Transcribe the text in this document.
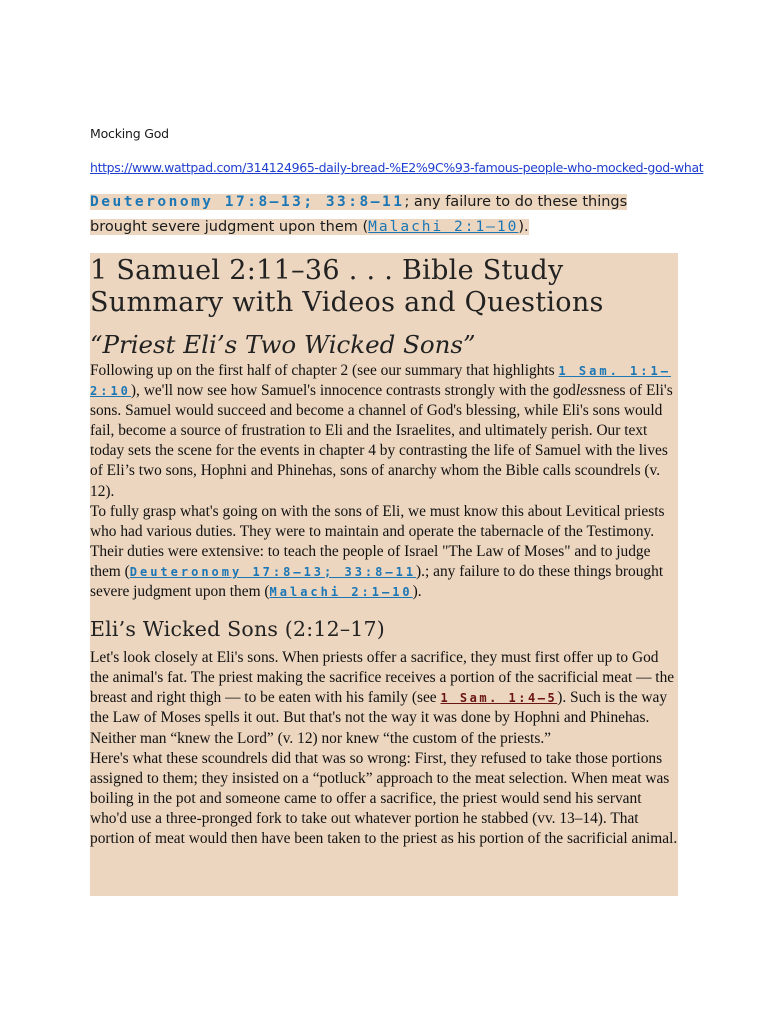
Mocking God
https://www.wattpad.com/314124965-daily-bread-%E2%9C%93-famous-people-who-mocked-god-what
Deuteronomy 17:8–13; 33:8–11; any failure to do these things brought severe judgment upon them (Malachi 2:1–10).
1 Samuel 2:11–36 . . . Bible Study Summary with Videos and Questions
“Priest Eli’s Two Wicked Sons”

Following up on the first half of chapter 2 (see our summary that highlights 1 Sam. 1:1–2:10), we'll now see how Samuel's innocence contrasts strongly with the godlessness of Eli's sons. Samuel would succeed and become a channel of God's blessing, while Eli's sons would fail, become a source of frustration to Eli and the Israelites, and ultimately perish. Our text today sets the scene for the events in chapter 4 by contrasting the life of Samuel with the lives of Eli’s two sons, Hophni and Phinehas, sons of anarchy whom the Bible calls scoundrels (v. 12).

To fully grasp what's going on with the sons of Eli, we must know this about Levitical priests who had various duties. They were to maintain and operate the tabernacle of the Testimony. Their duties were extensive: to teach the people of Israel "The Law of Moses" and to judge them (Deuteronomy 17:8–13; 33:8–11).; any failure to do these things brought severe judgment upon them (Malachi 2:1–10).

Eli’s Wicked Sons (2:12–17)

Let's look closely at Eli's sons. When priests offer a sacrifice, they must first offer up to God the animal's fat. The priest making the sacrifice receives a portion of the sacrificial meat — the breast and right thigh — to be eaten with his family (see 1 Sam. 1:4–5). Such is the way the Law of Moses spells it out. But that's not the way it was done by Hophni and Phinehas. Neither man “knew the Lord” (v. 12) nor knew “the custom of the priests.”

Here's what these scoundrels did that was so wrong: First, they refused to take those portions assigned to them; they insisted on a “potluck” approach to the meat selection. When meat was boiling in the pot and someone came to offer a sacrifice, the priest would send his servant who'd use a three-pronged fork to take out whatever portion he stabbed (vv. 13–14). That portion of meat would then have been taken to the priest as his portion of the sacrificial animal.
